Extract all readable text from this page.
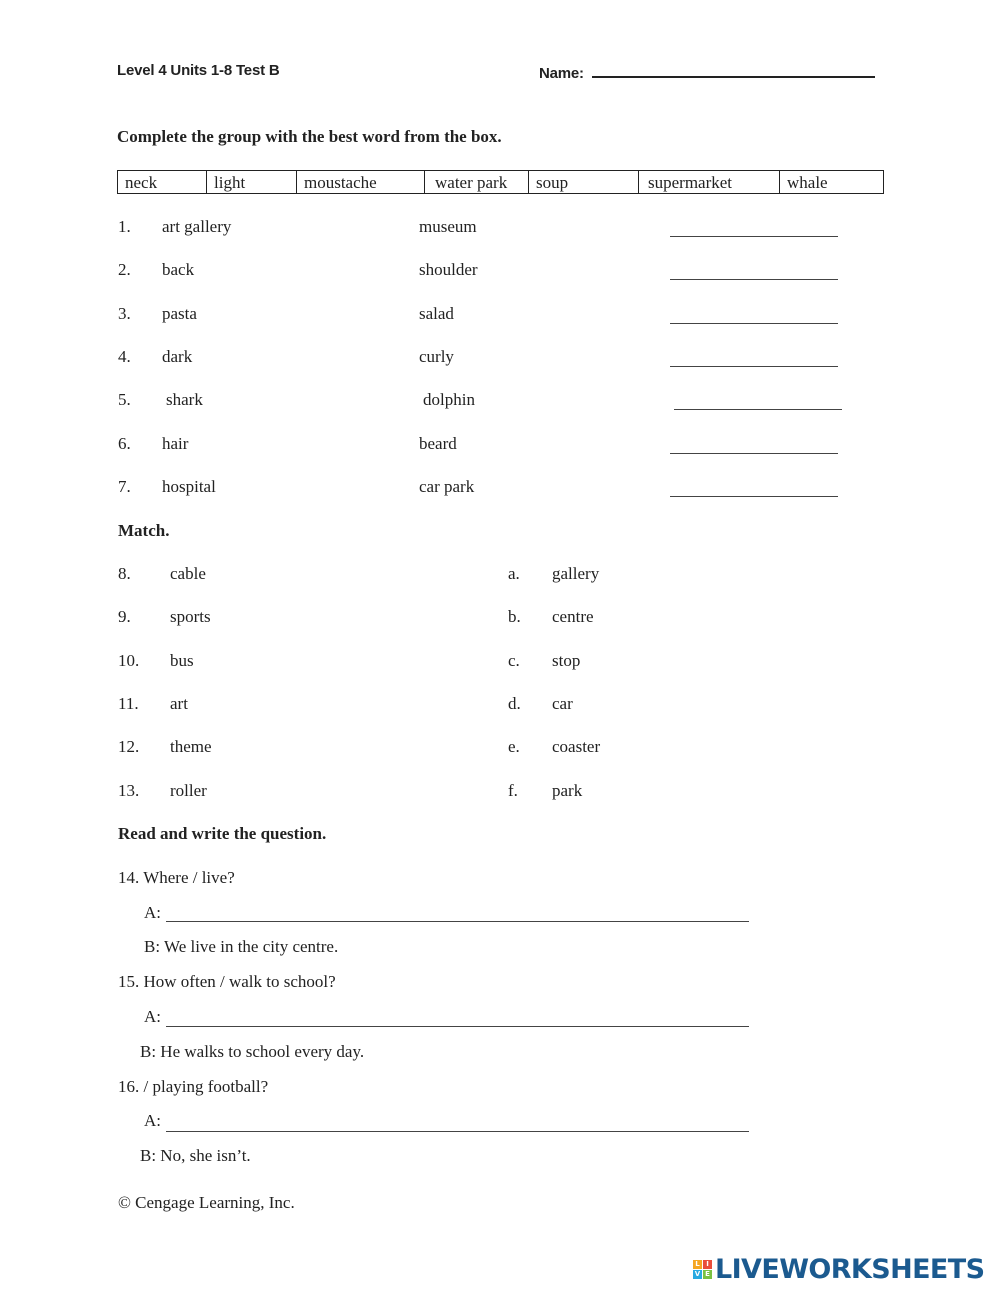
Level 4 Units 1-8 Test B	Name:
Complete the group with the best word from the box.
neck	light	moustache	water park	soup	supermarket	whale
1. art gallery	museum
2. back	shoulder
3. pasta	salad
4. dark	curly
5. shark	dolphin
6. hair	beard
7. hospital	car park
Match.
8. cable	a. gallery
9. sports	b. centre
10. bus	c. stop
11. art	d. car
12. theme	e. coaster
13. roller	f. park
Read and write the question.
14. Where / live?
A:
B: We live in the city centre.
15. How often / walk to school?
A:
B: He walks to school every day.
16. / playing football?
A:
B: No, she isn’t.
© Cengage Learning, Inc.
L I
V E LIVEWORKSHEETS
